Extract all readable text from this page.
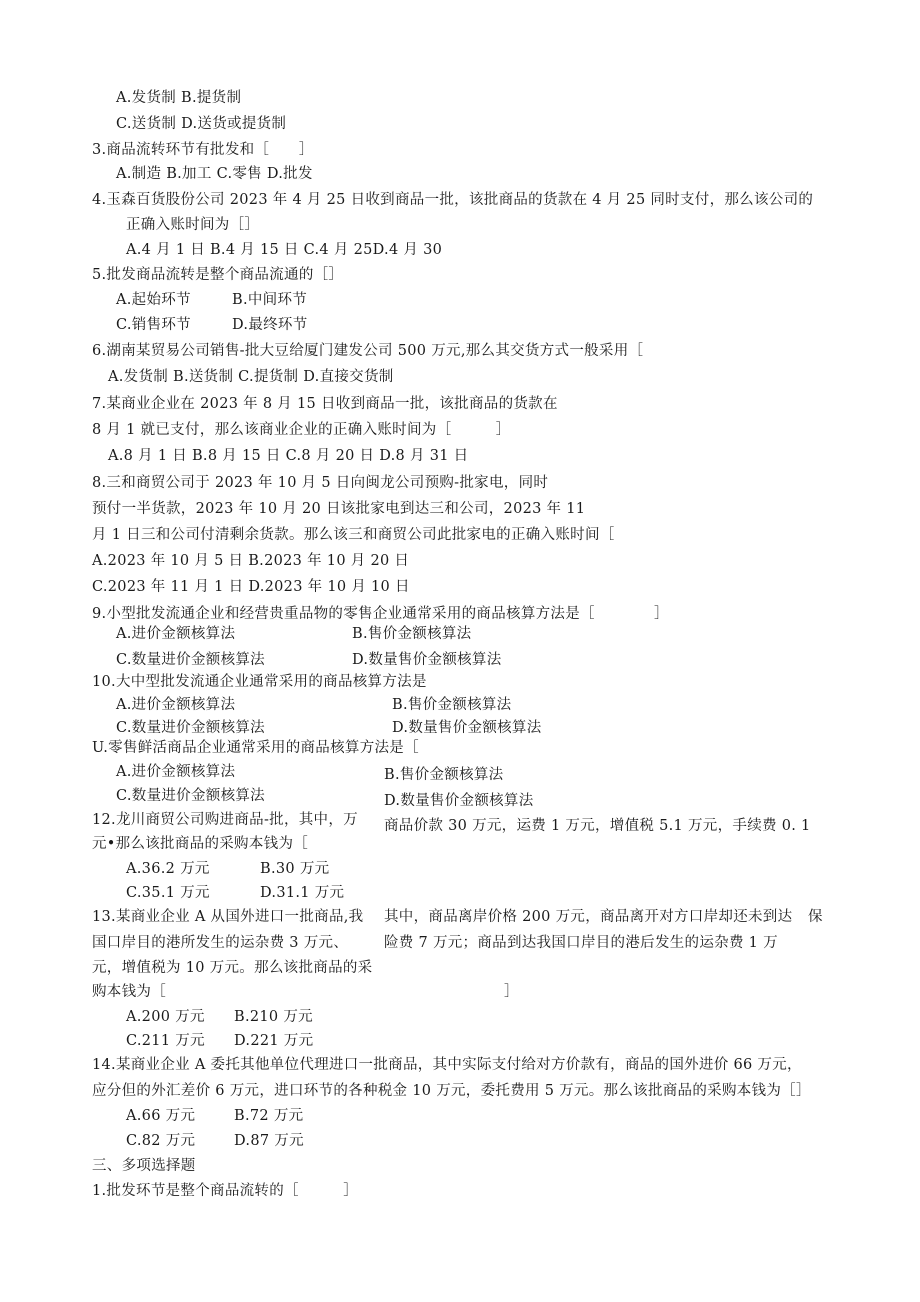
A.发货制 B.提货制
C.送货制 D.送货或提货制
3.商品流转环节有批发和［　　］
A.制造 B.加工 C.零售 D.批发
4.玉森百货股份公司 2023 年 4 月 25 日收到商品一批，该批商品的货款在 4 月 25 同时支付，那么该公司的
正确入账时间为［］
A.4 月 1 日 B.4 月 15 日 C.4 月 25D.4 月 30
5.批发商品流转是整个商品流通的［］
A.起始环节	B.中间环节
C.销售环节	D.最终环节
6.湖南某贸易公司销售-批大豆给厦门建发公司 500 万元,那么其交货方式一般采用［
A.发货制 B.送货制 C.提货制 D.直接交货制
7.某商业企业在 2023 年 8 月 15 日收到商品一批，该批商品的货款在
8 月 1 就已支付，那么该商业企业的正确入账时间为［　　　］
A.8 月 1 日 B.8 月 15 日 C.8 月 20 日 D.8 月 31 日
8.三和商贸公司于 2023 年 10 月 5 日向闽龙公司预购-批家电，同时
预付一半货款，2023 年 10 月 20 日该批家电到达三和公司，2023 年 11
月 1 日三和公司付清剩余货款。那么该三和商贸公司此批家电的正确入账时间［
A.2023 年 10 月 5 日 B.2023 年 10 月 20 日
C.2023 年 11 月 1 日 D.2023 年 10 月 10 日
9.小型批发流通企业和经营贵重品物的零售企业通常采用的商品核算方法是［　　　　］
A.进价金额核算法	B.售价金额核算法
C.数量进价金额核算法	D.数量售价金额核算法
10.大中型批发流通企业通常采用的商品核算方法是
A.进价金额核算法	B.售价金额核算法
C.数量进价金额核算法	D.数量售价金额核算法
U.零售鲜活商品企业通常采用的商品核算方法是［
A.进价金额核算法	B.售价金额核算法
C.数量进价金额核算法	D.数量售价金额核算法
12.龙川商贸公司购进商品-批，其中，万 商品价款 30 万元，运费 1 万元，增值税 5.1 万元，手续费 0. 1
元•那么该批商品的采购本钱为［
A.36.2 万元	B.30 万元
C.35.1 万元	D.31.1 万元
13.某商业企业 A 从国外进口一批商品,我 其中，商品离岸价格 200 万元，商品离开对方口岸却还未到达 保
国口岸目的港所发生的运杂费 3 万元、 险费 7 万元；商品到达我国口岸目的港后发生的运杂费 1 万
元，增值税为 10 万元。那么该批商品的采
购本钱为［	］
A.200 万元 B.210 万元
C.211 万元 D.221 万元
14.某商业企业 A 委托其他单位代理进口一批商品，其中实际支付给对方价款有，商品的国外进价 66 万元，
应分但的外汇差价 6 万元，进口环节的各种税金 10 万元，委托费用 5 万元。那么该批商品的采购本钱为［］
A.66 万元	B.72 万元
C.82 万元	D.87 万元
三、多项选择题
1.批发环节是整个商品流转的［　　　］
